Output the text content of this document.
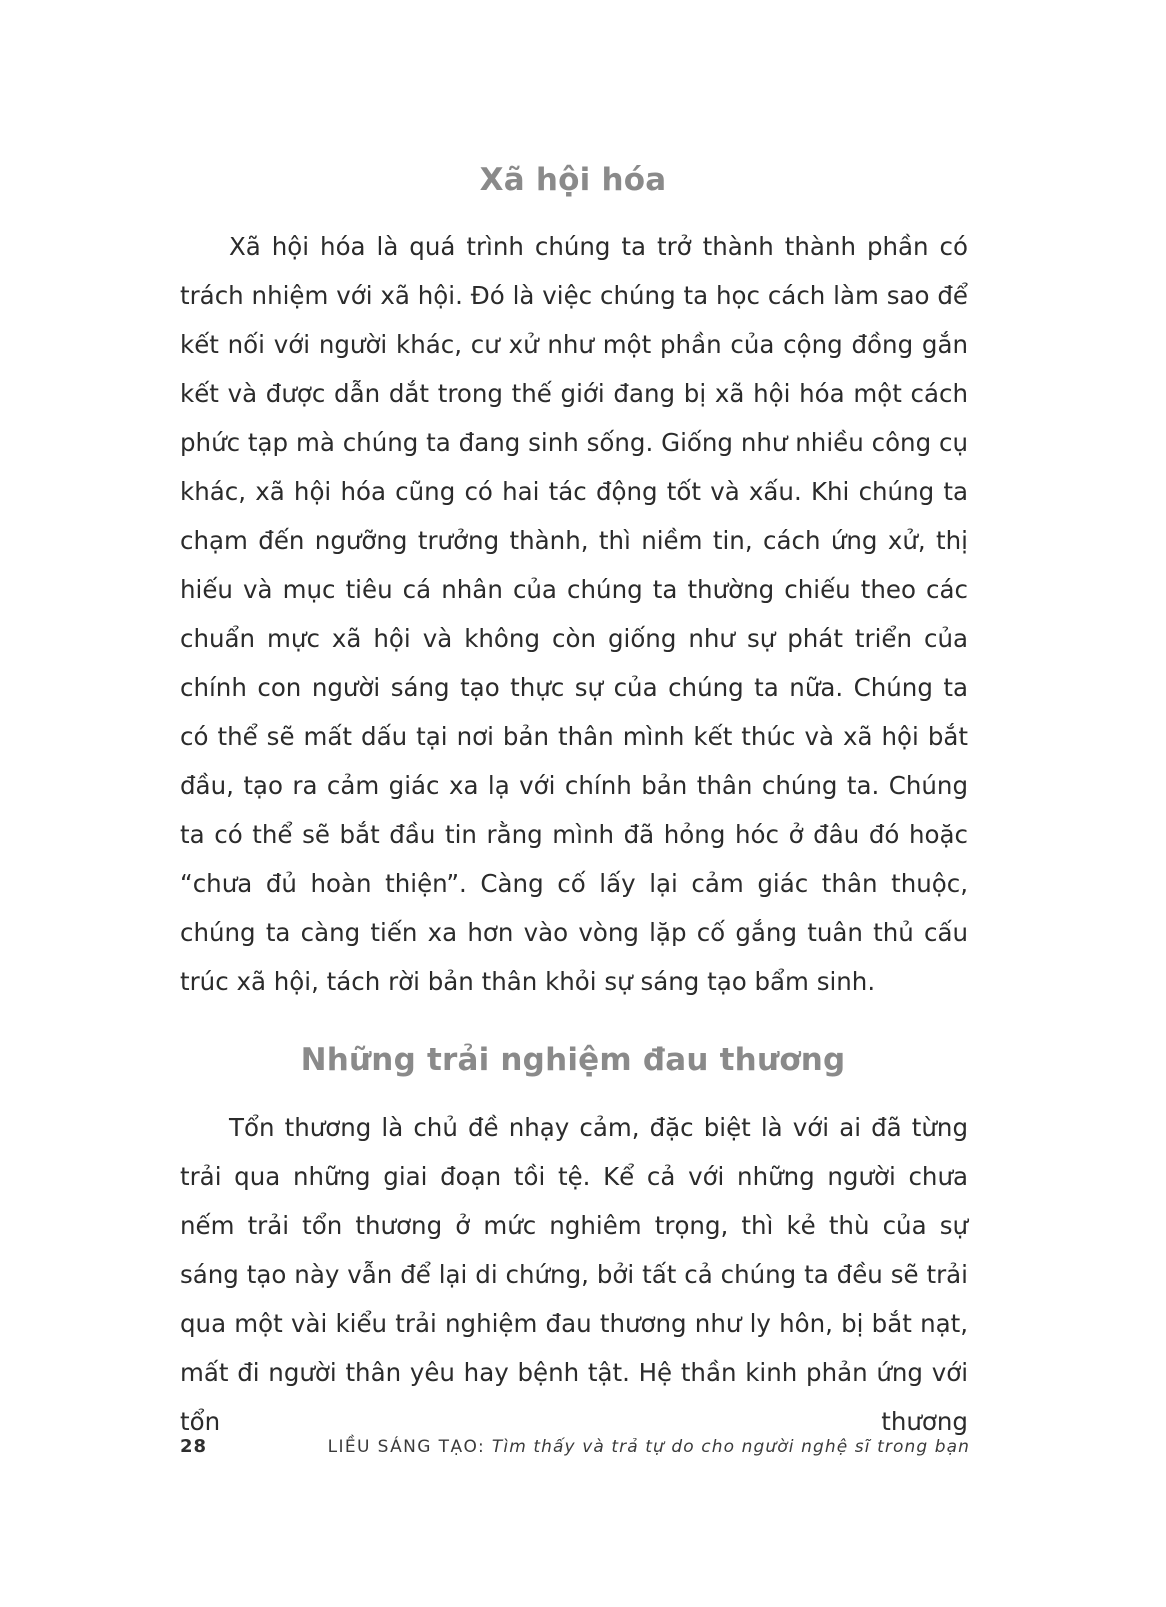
Xã hội hóa

Xã hội hóa là quá trình chúng ta trở thành thành phần có trách nhiệm với xã hội. Đó là việc chúng ta học cách làm sao để kết nối với người khác, cư xử như một phần của cộng đồng gắn kết và được dẫn dắt trong thế giới đang bị xã hội hóa một cách phức tạp mà chúng ta đang sinh sống. Giống như nhiều công cụ khác, xã hội hóa cũng có hai tác động tốt và xấu. Khi chúng ta chạm đến ngưỡng trưởng thành, thì niềm tin, cách ứng xử, thị hiếu và mục tiêu cá nhân của chúng ta thường chiếu theo các chuẩn mực xã hội và không còn giống như sự phát triển của chính con người sáng tạo thực sự của chúng ta nữa. Chúng ta có thể sẽ mất dấu tại nơi bản thân mình kết thúc và xã hội bắt đầu, tạo ra cảm giác xa lạ với chính bản thân chúng ta. Chúng ta có thể sẽ bắt đầu tin rằng mình đã hỏng hóc ở đâu đó hoặc “chưa đủ hoàn thiện”. Càng cố lấy lại cảm giác thân thuộc, chúng ta càng tiến xa hơn vào vòng lặp cố gắng tuân thủ cấu trúc xã hội, tách rời bản thân khỏi sự sáng tạo bẩm sinh.

Những trải nghiệm đau thương

Tổn thương là chủ đề nhạy cảm, đặc biệt là với ai đã từng trải qua những giai đoạn tồi tệ. Kể cả với những người chưa nếm trải tổn thương ở mức nghiêm trọng, thì kẻ thù của sự sáng tạo này vẫn để lại di chứng, bởi tất cả chúng ta đều sẽ trải qua một vài kiểu trải nghiệm đau thương như ly hôn, bị bắt nạt, mất đi người thân yêu hay bệnh tật. Hệ thần kinh phản ứng với tổn thương

28	LIỀU SÁNG TẠO: Tìm thấy và trả tự do cho người nghệ sĩ trong bạn
